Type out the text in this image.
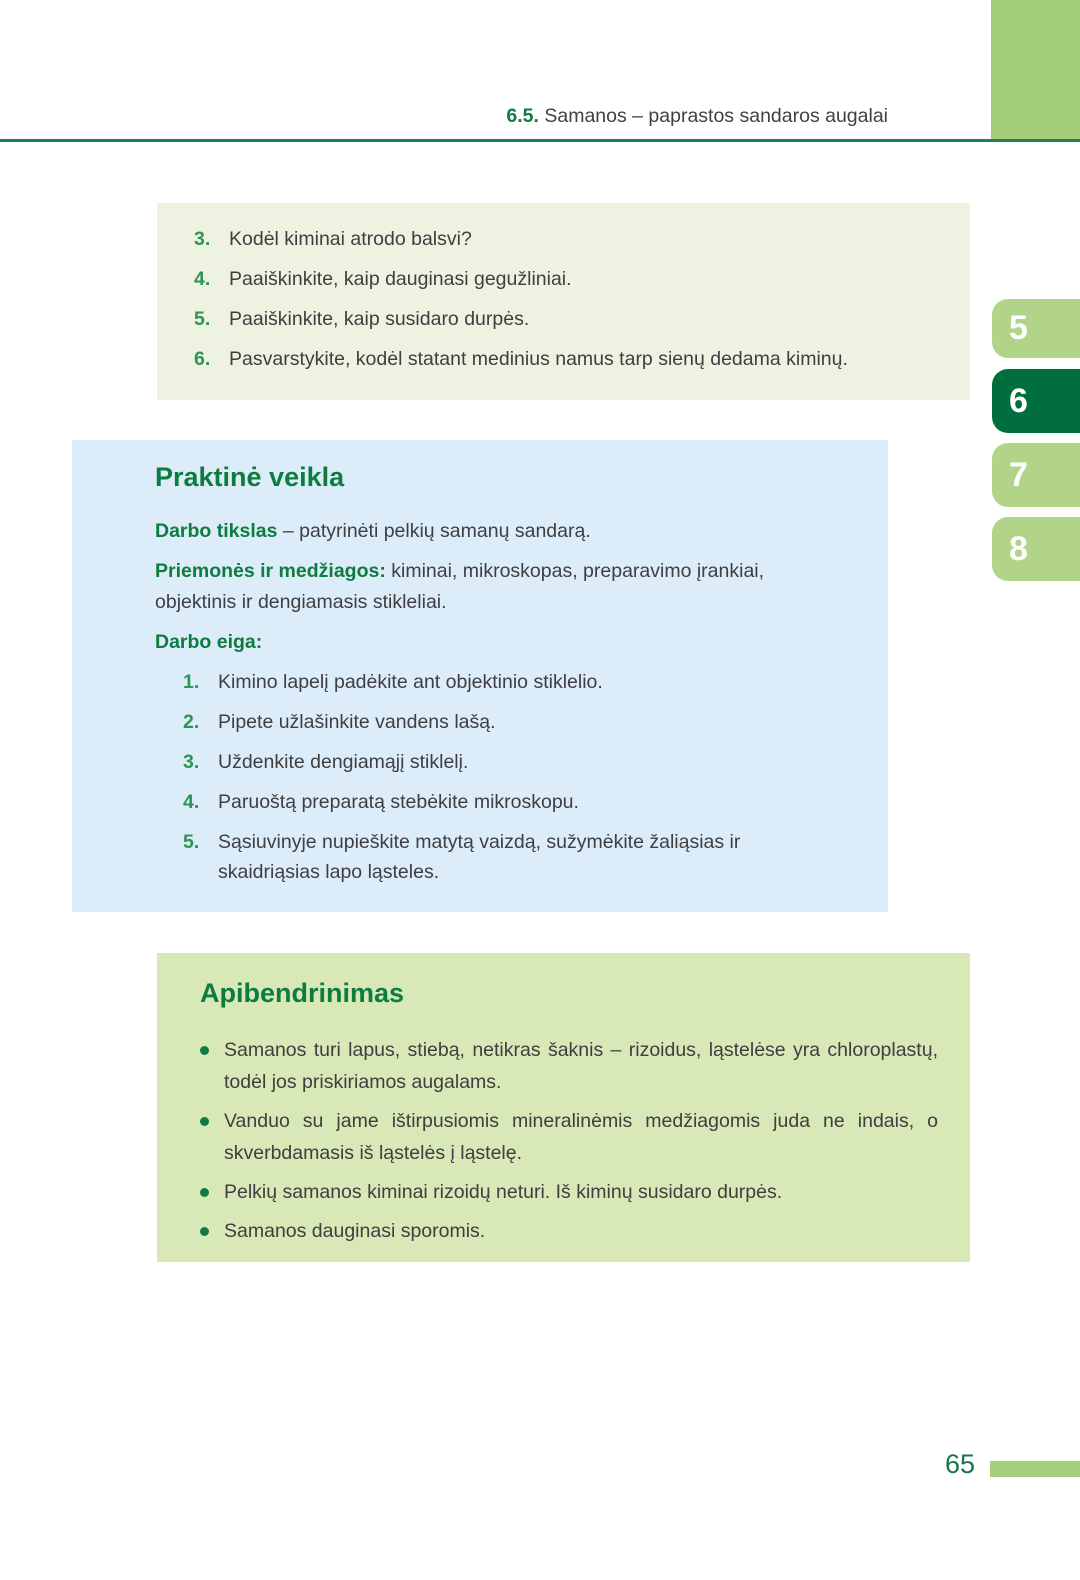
6.5. Samanos – paprastos sandaros augalai
5
6
7
8
3. Kodėl kiminai atrodo balsvi?
4. Paaiškinkite, kaip dauginasi gegužliniai.
5. Paaiškinkite, kaip susidaro durpės.
6. Pasvarstykite, kodėl statant medinius namus tarp sienų dedama kiminų.
Praktinė veikla

Darbo tikslas – patyrinėti pelkių samanų sandarą.

Priemonės ir medžiagos: kiminai, mikroskopas, preparavimo įrankiai, objektinis ir dengiamasis stikleliai.

Darbo eiga:

1. Kimino lapelį padėkite ant objektinio stiklelio.
2. Pipete užlašinkite vandens lašą.
3. Uždenkite dengiamąjį stiklelį.
4. Paruoštą preparatą stebėkite mikroskopu.
5. Sąsiuvinyje nupieškite matytą vaizdą, sužymėkite žaliąsias ir skaidriąsias lapo ląsteles.
Apibendrinimas
Samanos turi lapus, stiebą, netikras šaknis – rizoidus, ląstelėse yra chloroplastų, todėl jos priskiriamos augalams.
Vanduo su jame ištirpusiomis mineralinėmis medžiagomis juda ne indais, o skverbdamasis iš ląstelės į ląstelę.
Pelkių samanos kiminai rizoidų neturi. Iš kiminų susidaro durpės.
Samanos dauginasi sporomis.
65
